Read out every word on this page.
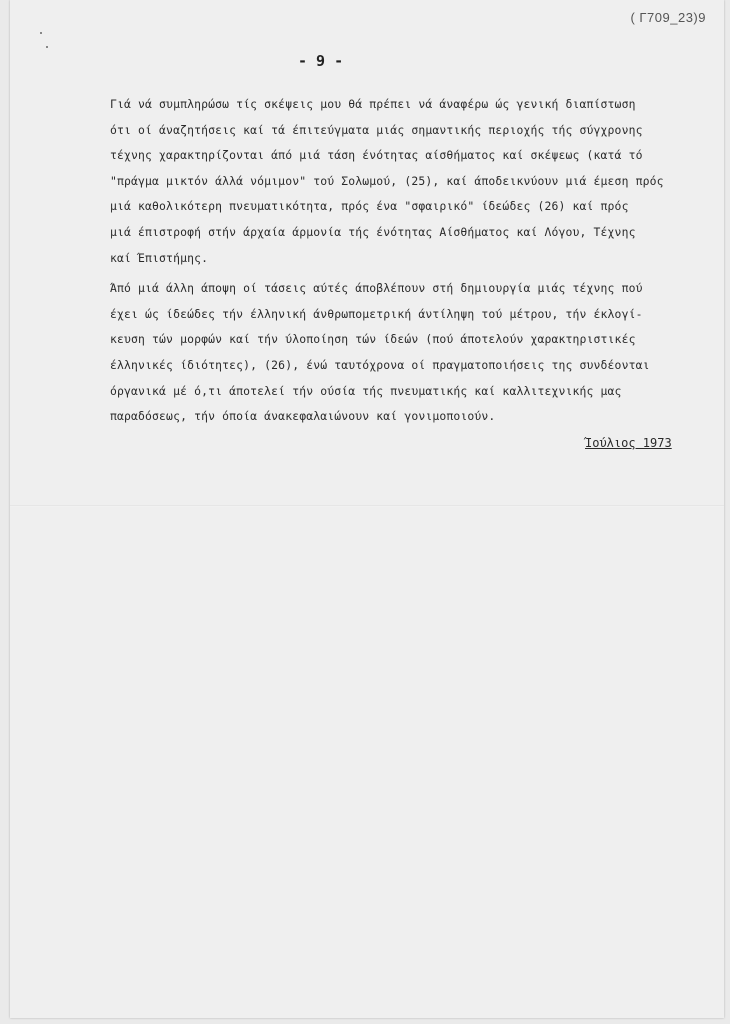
( Γ709_23)9
- 9 -

Γιά νά συμπληρώσω τίς σκέψεις μου θά πρέπει νά άναφέρω ώς γενική διαπίστωση

ότι οί άναζητήσεις καί τά έπιτεύγματα μιάς σημαντικής περιοχής τής σύγχρονης

τέχνης χαρακτηρίζονται άπό μιά τάση ένότητας αίσθήματος καί σκέψεως (κατά τό

"πράγμα μικτόν άλλά νόμιμον" τού Σολωμού, (25), καί άποδεικνύουν μιά έμεση πρός

μιά καθολικότερη πνευματικότητα, πρός ένα "σφαιρικό" ίδεώδες (26) καί πρός

μιά έπιστροφή στήν άρχαία άρμονία τής ένότητας Αίσθήματος καί Λόγου, Τέχνης

καί Έπιστήμης.

Άπό μιά άλλη άποψη οί τάσεις αύτές άποβλέπουν στή δημιουργία μιάς τέχνης πού

έχει ώς ίδεώδες τήν έλληνική άνθρωπομετρική άντίληψη τού μέτρου, τήν έκλογί-

κευση τών μορφών καί τήν ύλοποίηση τών ίδεών (πού άποτελούν χαρακτηριστικές

έλληνικές ίδιότητες), (26), ένώ ταυτόχρονα οί πραγματοποιήσεις της συνδέονται

όργανικά μέ ό,τι άποτελεί τήν ούσία τής πνευματικής καί καλλιτεχνικής μας

παραδόσεως, τήν όποία άνακεφαλαιώνουν καί γονιμοποιούν.

Ίούλιος 1973
